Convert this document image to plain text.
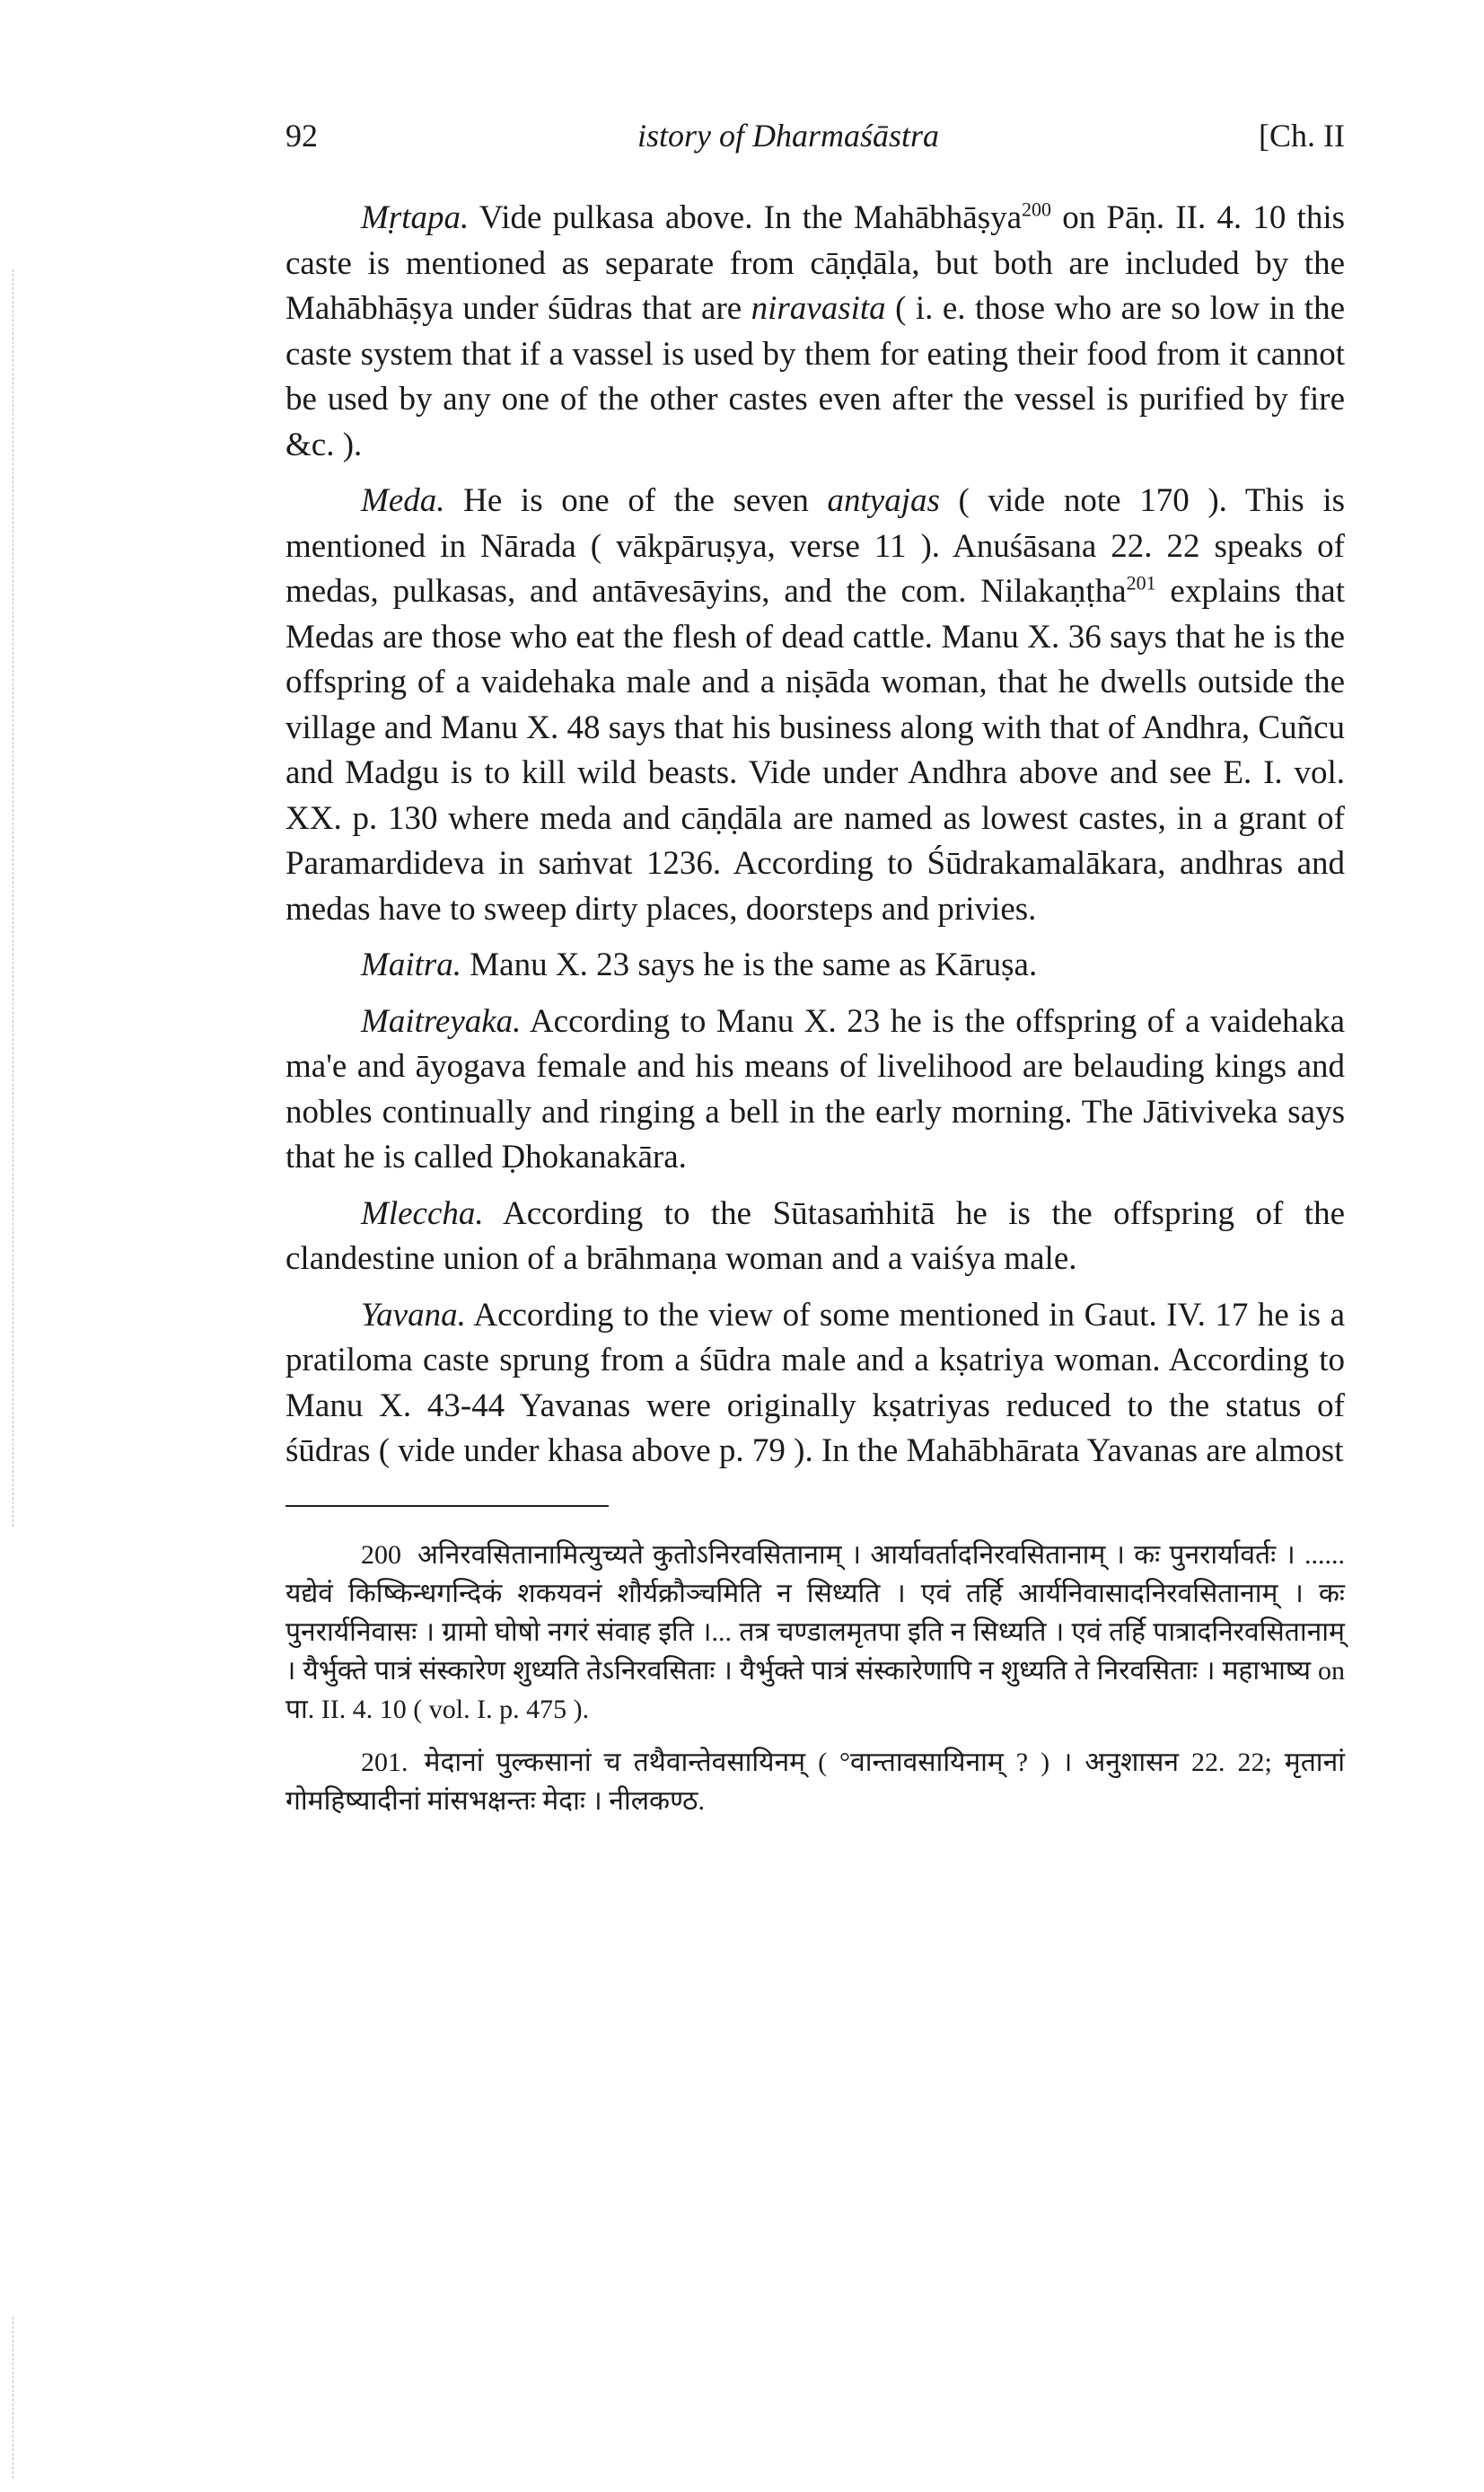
92	istory of Dharmaśāstra	[Ch. II

Mṛtapa. Vide pulkasa above. In the Mahābhāṣya$^{200}$ on Pāṇ. II. 4. 10 this caste is mentioned as separate from cāṇḍāla, but both are included by the Mahābhāṣya under śūdras that are niravasita ( i. e. those who are so low in the caste system that if a vassel is used by them for eating their food from it cannot be used by any one of the other castes even after the vessel is purified by fire &c. ).

Meda. He is one of the seven antyajas ( vide note 170 ). This is mentioned in Nārada ( vākpāruṣya, verse 11 ). Anuśāsana 22. 22 speaks of medas, pulkasas, and antāvesāyins, and the com. Nilakaṇṭha$^{201}$ explains that Medas are those who eat the flesh of dead cattle. Manu X. 36 says that he is the offspring of a vaidehaka male and a niṣāda woman, that he dwells outside the village and Manu X. 48 says that his business along with that of Andhra, Cuñcu and Madgu is to kill wild beasts. Vide under Andhra above and see E. I. vol. XX. p. 130 where meda and cāṇḍāla are named as lowest castes, in a grant of Paramardideva in saṁvat 1236. According to Śūdrakamalākara, andhras and medas have to sweep dirty places, doorsteps and privies.

Maitra. Manu X. 23 says he is the same as Kāruṣa.

Maitreyaka. According to Manu X. 23 he is the offspring of a vaidehaka ma'e and āyogava female and his means of livelihood are belauding kings and nobles continually and ringing a bell in the early morning. The Jātiviveka says that he is called Ḍhokanakāra.

Mleccha. According to the Sūtasaṁhitā he is the offspring of the clandestine union of a brāhmaṇa woman and a vaiśya male.

Yavana. According to the view of some mentioned in Gaut. IV. 17 he is a pratiloma caste sprung from a śūdra male and a kṣatriya woman. According to Manu X. 43-44 Yavanas were originally kṣatriyas reduced to the status of śūdras ( vide under khasa above p. 79 ). In the Mahābhārata Yavanas are almost

200 अनिरवसितानामित्युच्यते कुतोऽनिरवसितानाम् । आर्यावर्तादनिरवसितानाम् । कः पुनरार्यावर्तः । ...... यद्येवं किष्किन्धगन्दिकं शकयवनं शौर्यक्रौञ्चमिति न सिध्यति । एवं तर्हि आर्यनिवासादनिरवसितानाम् । कः पुनरार्यनिवासः । ग्रामो घोषो नगरं संवाह इति ।... तत्र चण्डालमृतपा इति न सिध्यति । एवं तर्हि पात्रादनिरवसितानाम् । यैर्भुक्ते पात्रं संस्कारेण शुध्यति तेऽनिरवसिताः । यैर्भुक्ते पात्रं संस्कारेणापि न शुध्यति ते निरवसिताः । महाभाष्य on पा. II. 4. 10 ( vol. I. p. 475 ).

201. मेदानां पुल्कसानां च तथैवान्तेवसायिनम् ( °वान्तावसायिनाम् ? ) । अनुशासन 22. 22; मृतानां गोमहिष्यादीनां मांसभक्षन्तः मेदाः । नीलकण्ठ.
